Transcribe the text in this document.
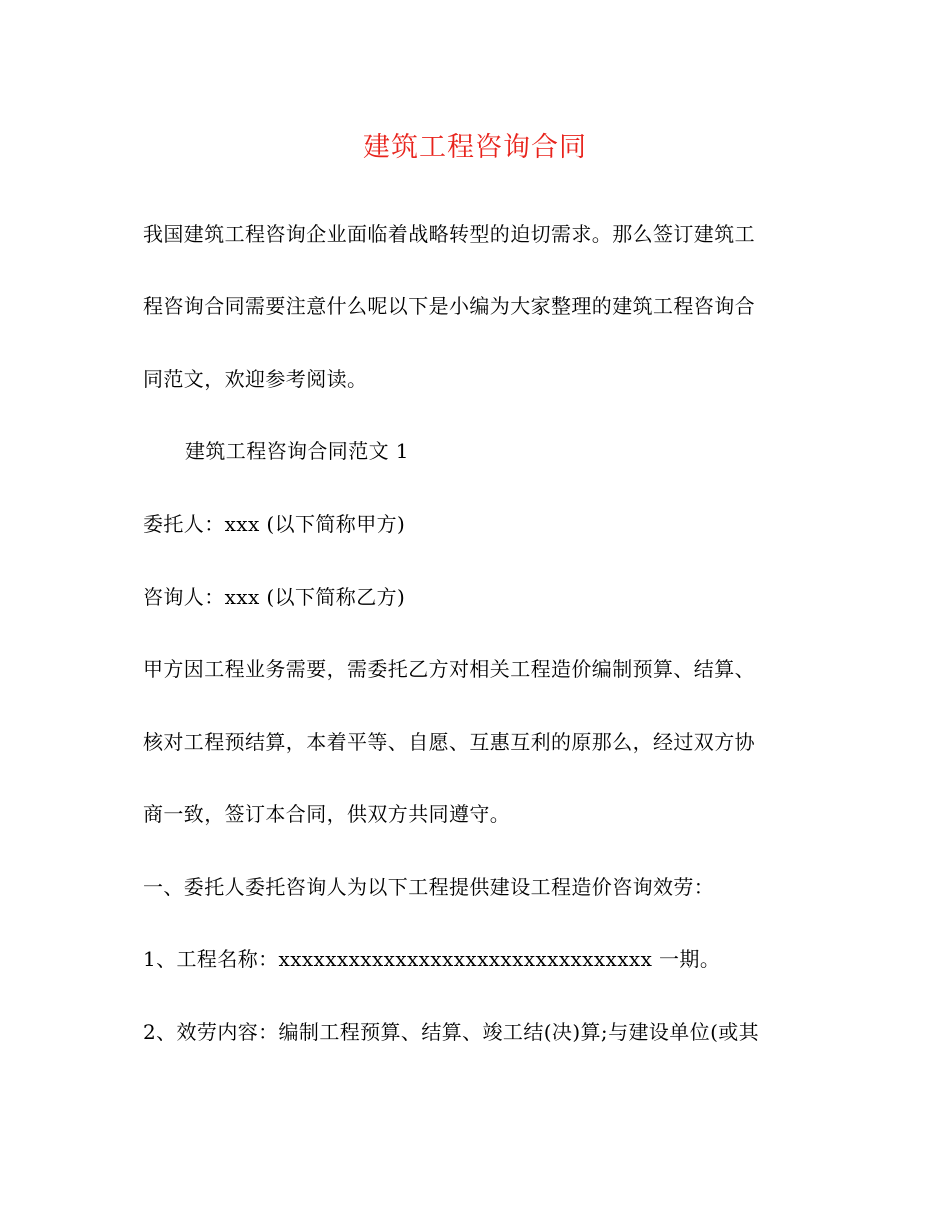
建筑工程咨询合同
我国建筑工程咨询企业面临着战略转型的迫切需求。那么签订建筑工
程咨询合同需要注意什么呢以下是小编为大家整理的建筑工程咨询合
同范文，欢迎参考阅读。
建筑工程咨询合同范文 1
委托人：xxx (以下简称甲方)
咨询人：xxx (以下简称乙方)
甲方因工程业务需要，需委托乙方对相关工程造价编制预算、结算、
核对工程预结算，本着平等、自愿、互惠互利的原那么，经过双方协
商一致，签订本合同，供双方共同遵守。
一、委托人委托咨询人为以下工程提供建设工程造价咨询效劳：
1、工程名称：xxxxxxxxxxxxxxxxxxxxxxxxxxxxxxxx 一期。
2、效劳内容：编制工程预算、结算、竣工结(决)算;与建设单位(或其
